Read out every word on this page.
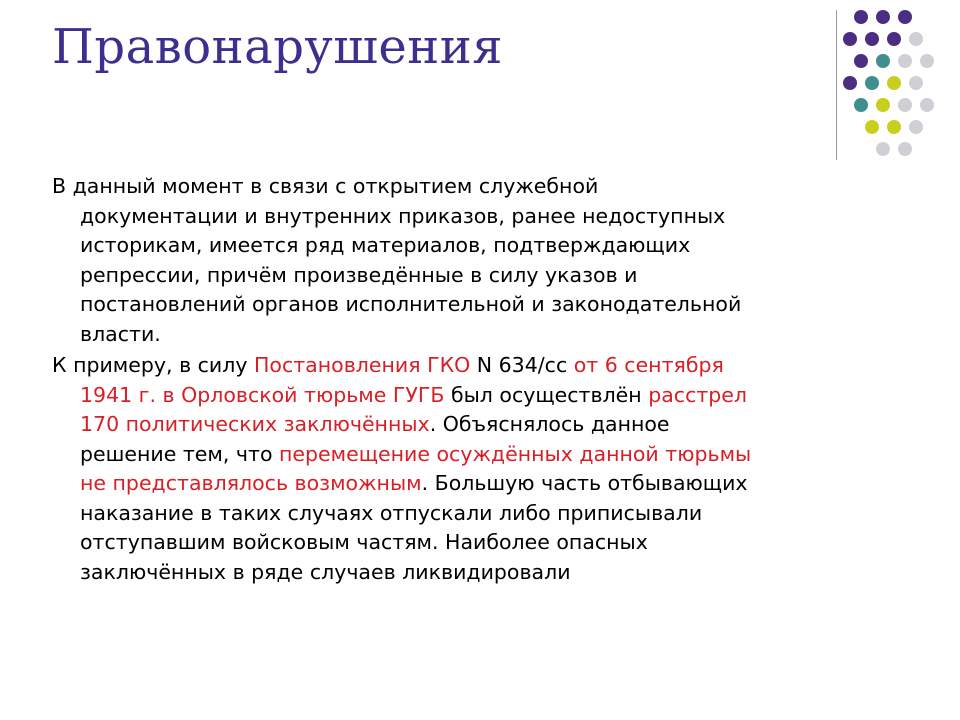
Правонарушения

В данный момент в связи с открытием служебной документации и внутренних приказов, ранее недоступных историкам, имеется ряд материалов, подтверждающих репрессии, причём произведённые в силу указов и постановлений органов исполнительной и законодательной власти.

К примеру, в силу Постановления ГКО N 634/cc от 6 сентября 1941 г. в Орловской тюрьме ГУГБ был осуществлён расстрел 170 политических заключённых. Объяснялось данное решение тем, что перемещение осуждённых данной тюрьмы не представлялось возможным. Большую часть отбывающих наказание в таких случаях отпускали либо приписывали отступавшим войсковым частям. Наиболее опасных заключённых в ряде случаев ликвидировали
